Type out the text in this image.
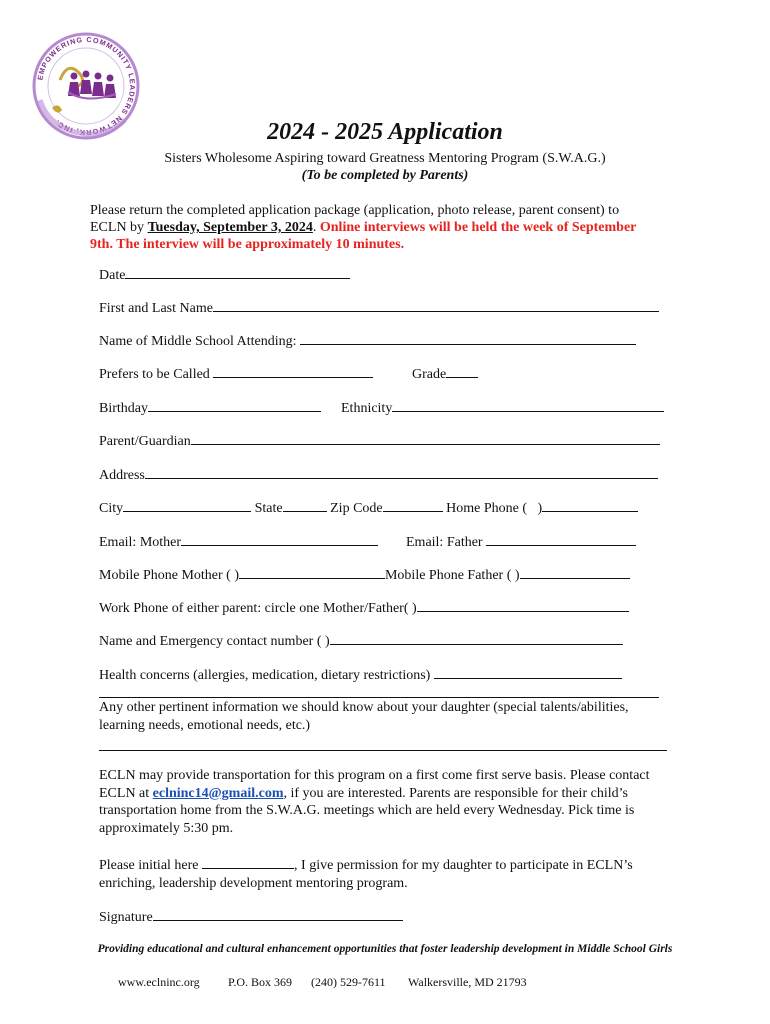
EMPOWERING COMMUNITY LEADERS NETWORK, INC.	2024 - 2025 Application
Sisters Wholesome Aspiring toward Greatness Mentoring Program (S.W.A.G.)
(To be completed by Parents)
Please return the completed application package (application, photo release, parent consent) to ECLN by Tuesday, September 3, 2024. Online interviews will be held the week of September 9th. The interview will be approximately 10 minutes.
Date
First and Last Name
Name of Middle School Attending:
Prefers to be Called	Grade
Birthday	Ethnicity
Parent/Guardian
Address
City	State	Zip Code	Home Phone ( )
Email: Mother	Email: Father
Mobile Phone Mother ( )	Mobile Phone Father ( )
Work Phone of either parent: circle one Mother/Father( )
Name and Emergency contact number ( )
Health concerns (allergies, medication, dietary restrictions)
Any other pertinent information we should know about your daughter (special talents/abilities, learning needs, emotional needs, etc.)
ECLN may provide transportation for this program on a first come first serve basis. Please contact ECLN at eclninc14@gmail.com, if you are interested. Parents are responsible for their child’s transportation home from the S.W.A.G. meetings which are held every Wednesday. Pick time is approximately 5:30 pm.
Please initial here	, I give permission for my daughter to participate in ECLN’s enriching, leadership development mentoring program.
Signature
Providing educational and cultural enhancement opportunities that foster leadership development in Middle School Girls
www.eclninc.org P.O. Box 369 (240) 529-7611 Walkersville, MD 21793
